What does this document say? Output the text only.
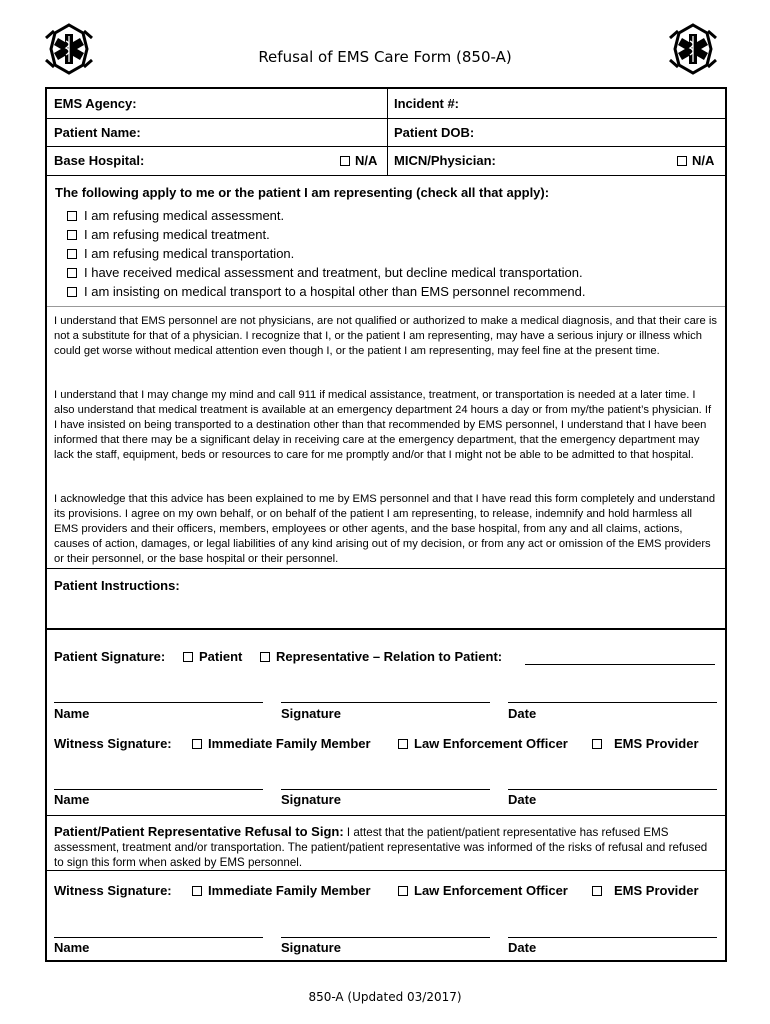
Refusal of EMS Care Form (850-A)
EMS Agency:	Incident #:
Patient Name:	Patient DOB:
Base Hospital:	N/A MICN/Physician:	N/A
The following apply to me or the patient I am representing (check all that apply):
I am refusing medical assessment.
I am refusing medical treatment.
I am refusing medical transportation.
I have received medical assessment and treatment, but decline medical transportation.
I am insisting on medical transport to a hospital other than EMS personnel recommend.
I understand that EMS personnel are not physicians, are not qualified or authorized to make a medical diagnosis, and that their care is not a substitute for that of a physician. I recognize that I, or the patient I am representing, may have a serious injury or illness which could get worse without medical attention even though I, or the patient I am representing, may feel fine at the present time.
I understand that I may change my mind and call 911 if medical assistance, treatment, or transportation is needed at a later time. I also understand that medical treatment is available at an emergency department 24 hours a day or from my/the patient’s physician. If I have insisted on being transported to a destination other than that recommended by EMS personnel, I understand that I have been informed that there may be a significant delay in receiving care at the emergency department, that the emergency department may lack the staff, equipment, beds or resources to care for me promptly and/or that I might not be able to be admitted to that hospital.
I acknowledge that this advice has been explained to me by EMS personnel and that I have read this form completely and understand its provisions. I agree on my own behalf, or on behalf of the patient I am representing, to release, indemnify and hold harmless all EMS providers and their officers, members, employees or other agents, and the base hospital, from any and all claims, actions, causes of action, damages, or legal liabilities of any kind arising out of my decision, or from any act or omission of the EMS providers or their personnel, or the base hospital or their personnel.
Patient Instructions:
Patient Signature:	Patient	Representative – Relation to Patient:
Name	Signature	Date
Witness Signature:	Immediate Family Member	Law Enforcement Officer	EMS Provider
Name	Signature	Date
Patient/Patient Representative Refusal to Sign: I attest that the patient/patient representative has refused EMS assessment, treatment and/or transportation. The patient/patient representative was informed of the risks of refusal and refused to sign this form when asked by EMS personnel.
Witness Signature:	Immediate Family Member	Law Enforcement Officer	EMS Provider
Name	Signature	Date
850-A (Updated 03/2017)
